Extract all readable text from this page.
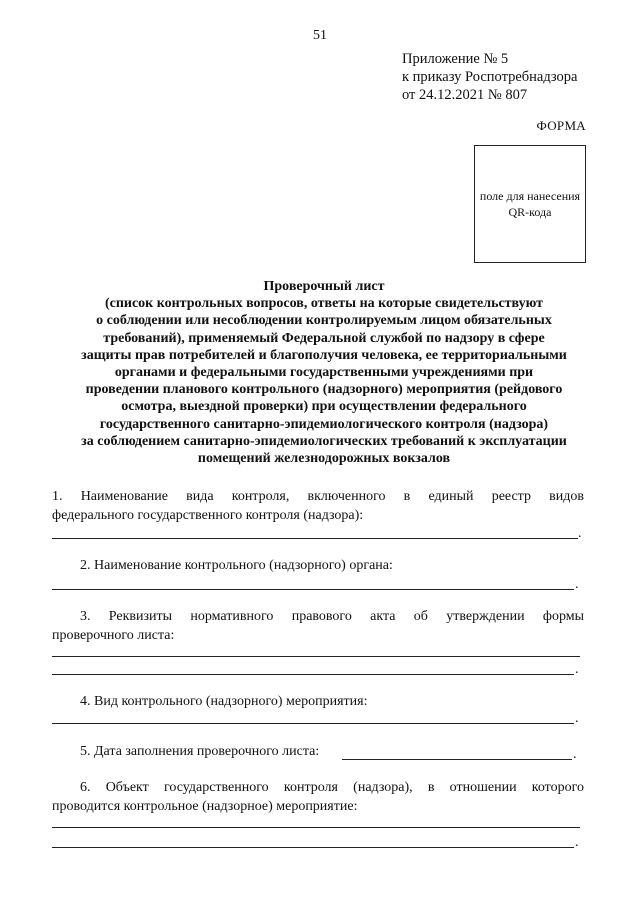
51
Приложение № 5
к приказу Роспотребнадзора
от 24.12.2021 № 807
ФОРМА
поле для нанесения
QR-кода
Проверочный лист
(список контрольных вопросов, ответы на которые свидетельствуют
о соблюдении или несоблюдении контролируемым лицом обязательных
требований), применяемый Федеральной службой по надзору в сфере
защиты прав потребителей и благополучия человека, ее территориальными
органами и федеральными государственными учреждениями при
проведении планового контрольного (надзорного) мероприятия (рейдового
осмотра, выездной проверки) при осуществлении федерального
государственного санитарно-эпидемиологического контроля (надзора)
за соблюдением санитарно-эпидемиологических требований к эксплуатации
помещений железнодорожных вокзалов
1. Наименование вида контроля, включенного в единый реестр видов
федерального государственного контроля (надзора):
.
2. Наименование контрольного (надзорного) органа:
.
3. Реквизиты нормативного правового акта об утверждении формы
проверочного листа:
.
4. Вид контрольного (надзорного) мероприятия:
.
5. Дата заполнения проверочного листа:	.
6. Объект государственного контроля (надзора), в отношении которого
проводится контрольное (надзорное) мероприятие:
.
